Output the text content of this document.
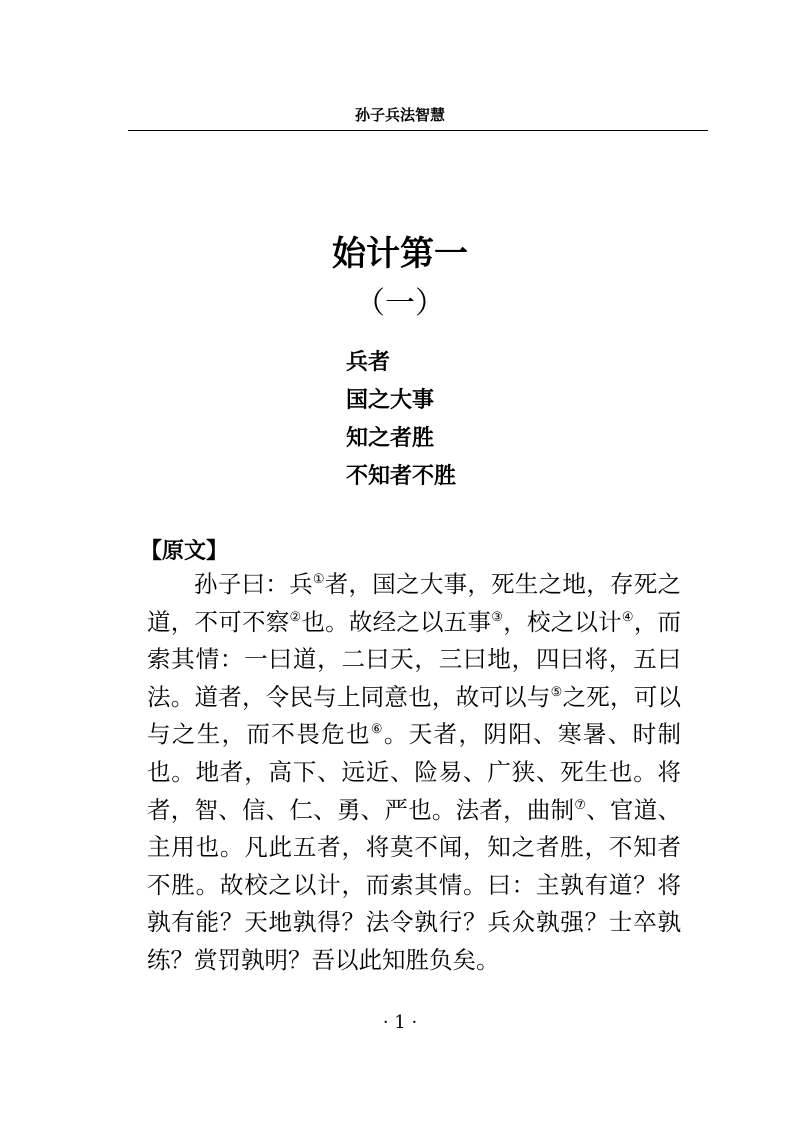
孙子兵法智慧
始计第一
（一）
兵者
国之大事
知之者胜
不知者不胜
【原文】

孙子曰：兵①者，国之大事，死生之地，存死之道，不可不察②也。故经之以五事③，校之以计④，而索其情：一曰道，二曰天，三曰地，四曰将，五曰法。道者，令民与上同意也，故可以与⑤之死，可以与之生，而不畏危也⑥。天者，阴阳、寒暑、时制也。地者，高下、远近、险易、广狭、死生也。将者，智、信、仁、勇、严也。法者，曲制⑦、官道、主用也。凡此五者，将莫不闻，知之者胜，不知者不胜。故校之以计，而索其情。曰：主孰有道？将孰有能？天地孰得？法令孰行？兵众孰强？士卒孰练？赏罚孰明？吾以此知胜负矣。

· 1 ·
